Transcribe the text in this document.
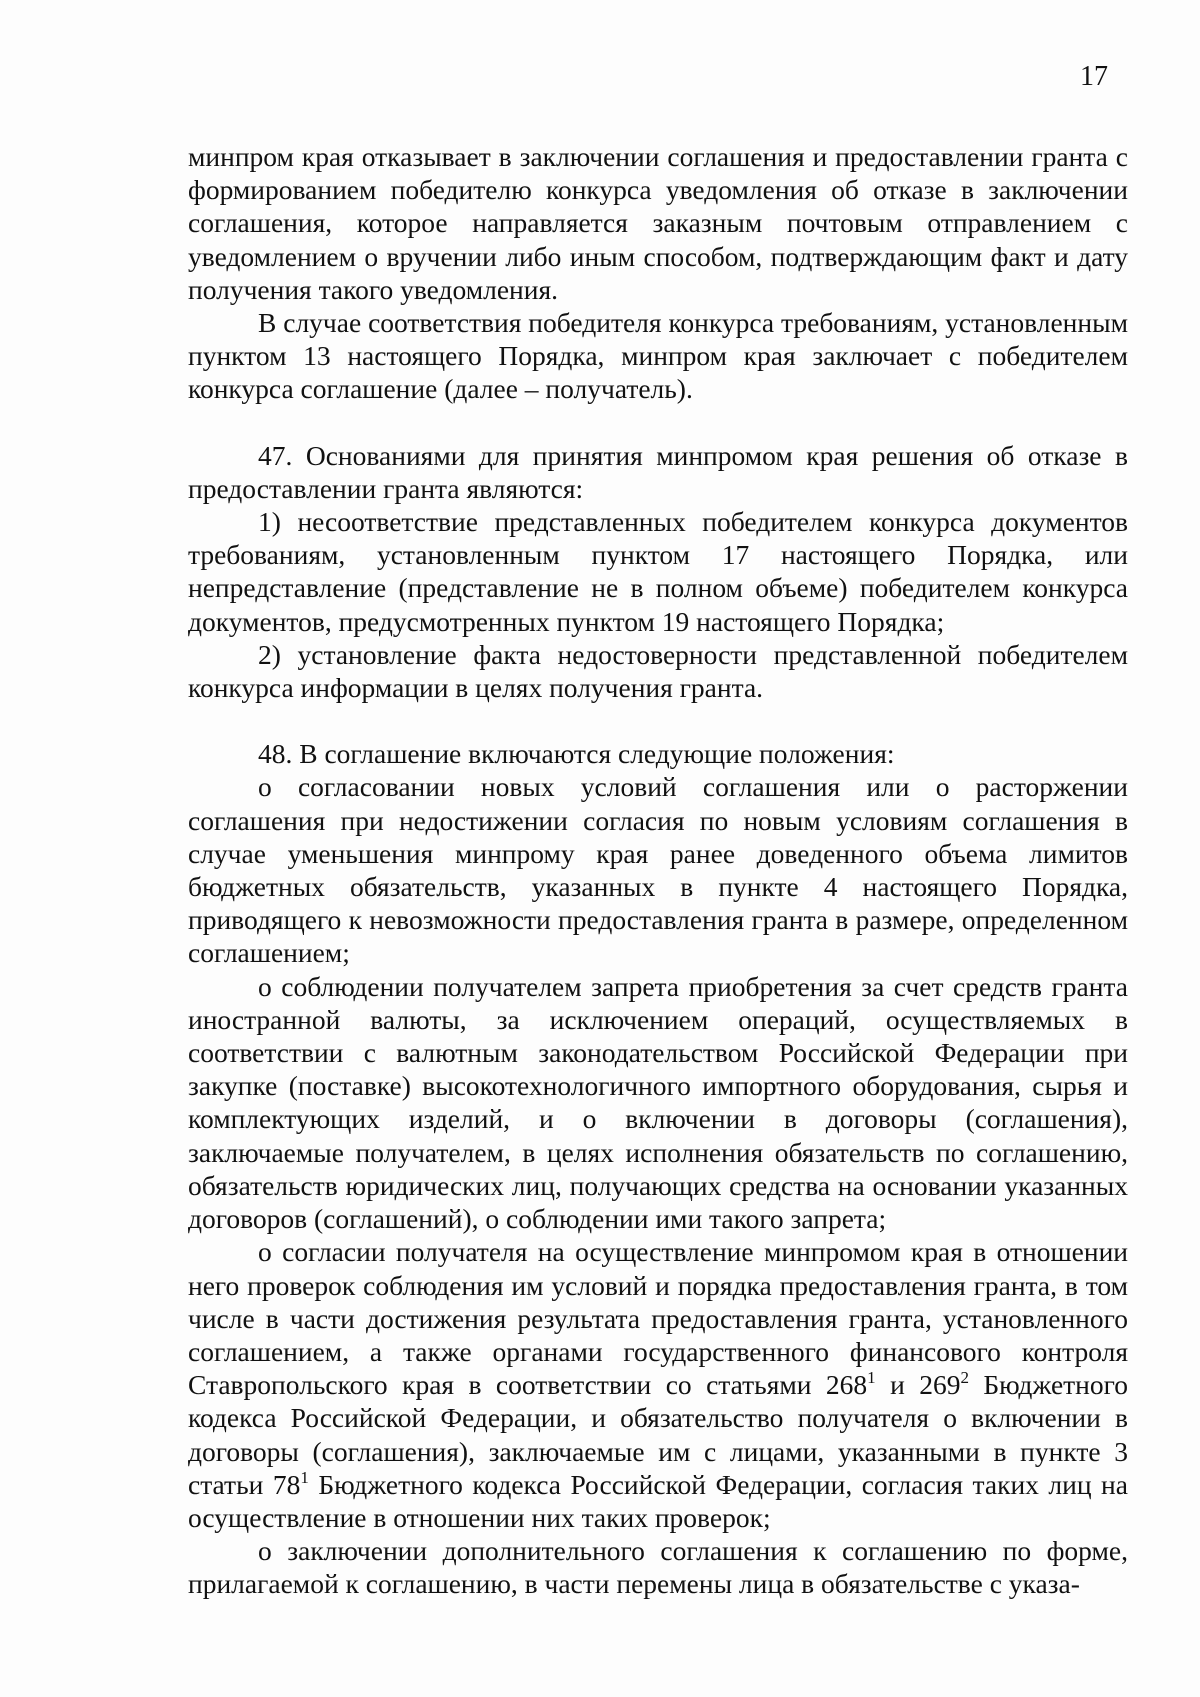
17

минпром края отказывает в заключении соглашения и предоставлении гранта с формированием победителю конкурса уведомления об отказе в заключении соглашения, которое направляется заказным почтовым отправлением с уведомлением о вручении либо иным способом, подтверждающим факт и дату получения такого уведомления.

В случае соответствия победителя конкурса требованиям, установленным пунктом 13 настоящего Порядка, минпром края заключает с победителем конкурса соглашение (далее – получатель).

47. Основаниями для принятия минпромом края решения об отказе в предоставлении гранта являются:

1) несоответствие представленных победителем конкурса документов требованиям, установленным пунктом 17 настоящего Порядка, или непредставление (представление не в полном объеме) победителем конкурса документов, предусмотренных пунктом 19 настоящего Порядка;

2) установление факта недостоверности представленной победителем конкурса информации в целях получения гранта.

48. В соглашение включаются следующие положения:

о согласовании новых условий соглашения или о расторжении соглашения при недостижении согласия по новым условиям соглашения в случае уменьшения минпрому края ранее доведенного объема лимитов бюджетных обязательств, указанных в пункте 4 настоящего Порядка, приводящего к невозможности предоставления гранта в размере, определенном соглашением;

о соблюдении получателем запрета приобретения за счет средств гранта иностранной валюты, за исключением операций, осуществляемых в соответствии с валютным законодательством Российской Федерации при закупке (поставке) высокотехнологичного импортного оборудования, сырья и комплектующих изделий, и о включении в договоры (соглашения), заключаемые получателем, в целях исполнения обязательств по соглашению, обязательств юридических лиц, получающих средства на основании указанных договоров (соглашений), о соблюдении ими такого запрета;

о согласии получателя на осуществление минпромом края в отношении него проверок соблюдения им условий и порядка предоставления гранта, в том числе в части достижения результата предоставления гранта, установленного соглашением, а также органами государственного финансового контроля Ставропольского края в соответствии со статьями $268^1$ и $269^2$ Бюджетного кодекса Российской Федерации, и обязательство получателя о включении в договоры (соглашения), заключаемые им с лицами, указанными в пункте 3 статьи $78^1$ Бюджетного кодекса Российской Федерации, согласия таких лиц на осуществление в отношении них таких проверок;

о заключении дополнительного соглашения к соглашению по форме, прилагаемой к соглашению, в части перемены лица в обязательстве с указа-
